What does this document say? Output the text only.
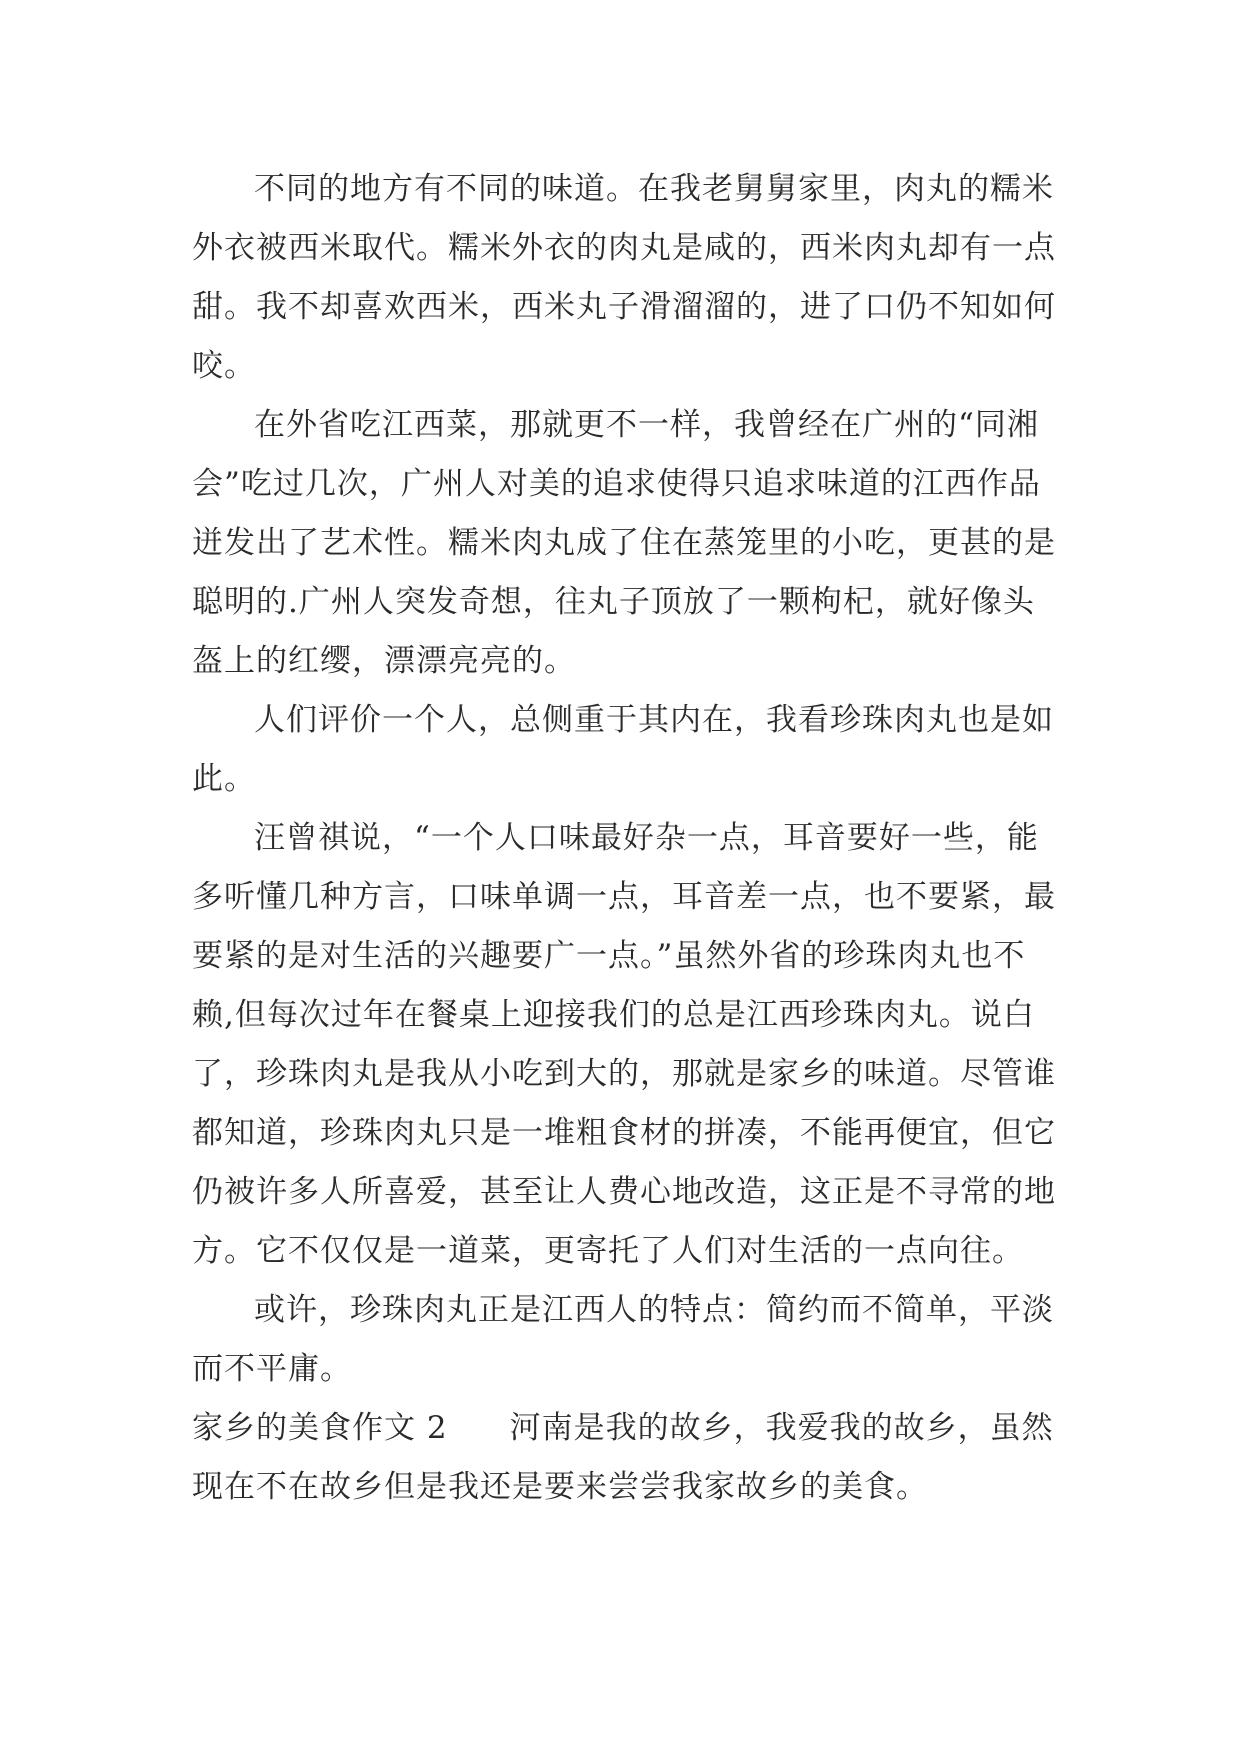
不同的地方有不同的味道。在我老舅舅家里，肉丸的糯米外衣被西米取代。糯米外衣的肉丸是咸的，西米肉丸却有一点甜。我不却喜欢西米，西米丸子滑溜溜的，进了口仍不知如何咬。

在外省吃江西菜，那就更不一样，我曾经在广州的“同湘会”吃过几次，广州人对美的追求使得只追求味道的江西作品迸发出了艺术性。糯米肉丸成了住在蒸笼里的小吃，更甚的是聪明的.广州人突发奇想，往丸子顶放了一颗枸杞，就好像头盔上的红缨，漂漂亮亮的。

人们评价一个人，总侧重于其内在，我看珍珠肉丸也是如此。

汪曾祺说，“一个人口味最好杂一点，耳音要好一些，能多听懂几种方言，口味单调一点，耳音差一点，也不要紧，最要紧的是对生活的兴趣要广一点。”虽然外省的珍珠肉丸也不赖,但每次过年在餐桌上迎接我们的总是江西珍珠肉丸。说白了，珍珠肉丸是我从小吃到大的，那就是家乡的味道。尽管谁都知道，珍珠肉丸只是一堆粗食材的拼凑，不能再便宜，但它仍被许多人所喜爱，甚至让人费心地改造，这正是不寻常的地方。它不仅仅是一道菜，更寄托了人们对生活的一点向往。

或许，珍珠肉丸正是江西人的特点：简约而不简单，平淡而不平庸。

家乡的美食作文 2 河南是我的故乡，我爱我的故乡，虽然现在不在故乡但是我还是要来尝尝我家故乡的美食。
